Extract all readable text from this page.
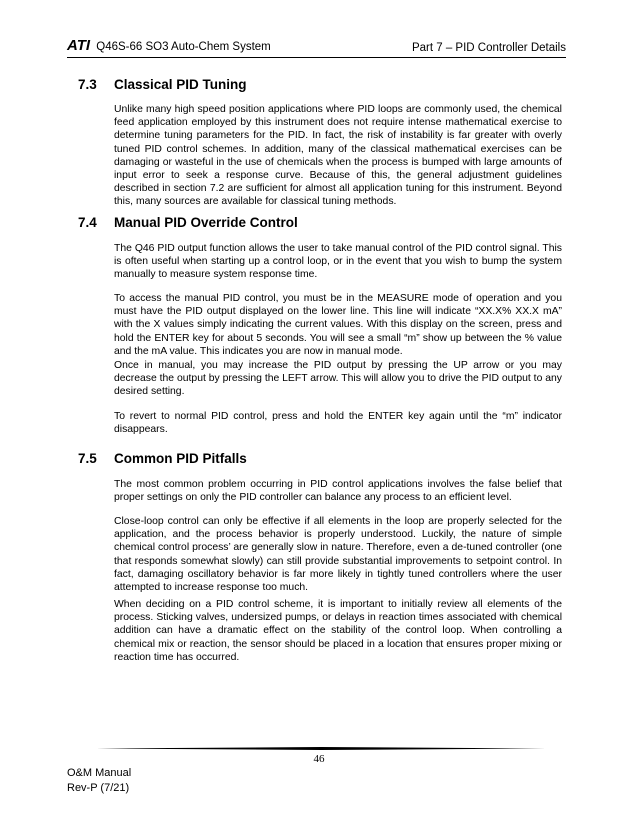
ATI Q46S-66 SO3 Auto-Chem System	Part 7 – PID Controller Details
7.3	Classical PID Tuning

Unlike many high speed position applications where PID loops are commonly used, the chemical feed application employed by this instrument does not require intense mathematical exercise to determine tuning parameters for the PID. In fact, the risk of instability is far greater with overly tuned PID control schemes. In addition, many of the classical mathematical exercises can be damaging or wasteful in the use of chemicals when the process is bumped with large amounts of input error to seek a response curve. Because of this, the general adjustment guidelines described in section 7.2 are sufficient for almost all application tuning for this instrument. Beyond this, many sources are available for classical tuning methods.

7.4	Manual PID Override Control

The Q46 PID output function allows the user to take manual control of the PID control signal. This is often useful when starting up a control loop, or in the event that you wish to bump the system manually to measure system response time.

To access the manual PID control, you must be in the MEASURE mode of operation and you must have the PID output displayed on the lower line. This line will indicate “XX.X% XX.X mA” with the X values simply indicating the current values. With this display on the screen, press and hold the ENTER key for about 5 seconds. You will see a small “m” show up between the % value and the mA value. This indicates you are now in manual mode.

Once in manual, you may increase the PID output by pressing the UP arrow or you may decrease the output by pressing the LEFT arrow. This will allow you to drive the PID output to any desired setting.

To revert to normal PID control, press and hold the ENTER key again until the “m” indicator disappears.

7.5	Common PID Pitfalls

The most common problem occurring in PID control applications involves the false belief that proper settings on only the PID controller can balance any process to an efficient level.

Close-loop control can only be effective if all elements in the loop are properly selected for the application, and the process behavior is properly understood. Luckily, the nature of simple chemical control process’ are generally slow in nature. Therefore, even a de-tuned controller (one that responds somewhat slowly) can still provide substantial improvements to setpoint control. In fact, damaging oscillatory behavior is far more likely in tightly tuned controllers where the user attempted to increase response too much.

When deciding on a PID control scheme, it is important to initially review all elements of the process. Sticking valves, undersized pumps, or delays in reaction times associated with chemical addition can have a dramatic effect on the stability of the control loop. When controlling a chemical mix or reaction, the sensor should be placed in a location that ensures proper mixing or reaction time has occurred.

46
O&M Manual
Rev-P (7/21)
